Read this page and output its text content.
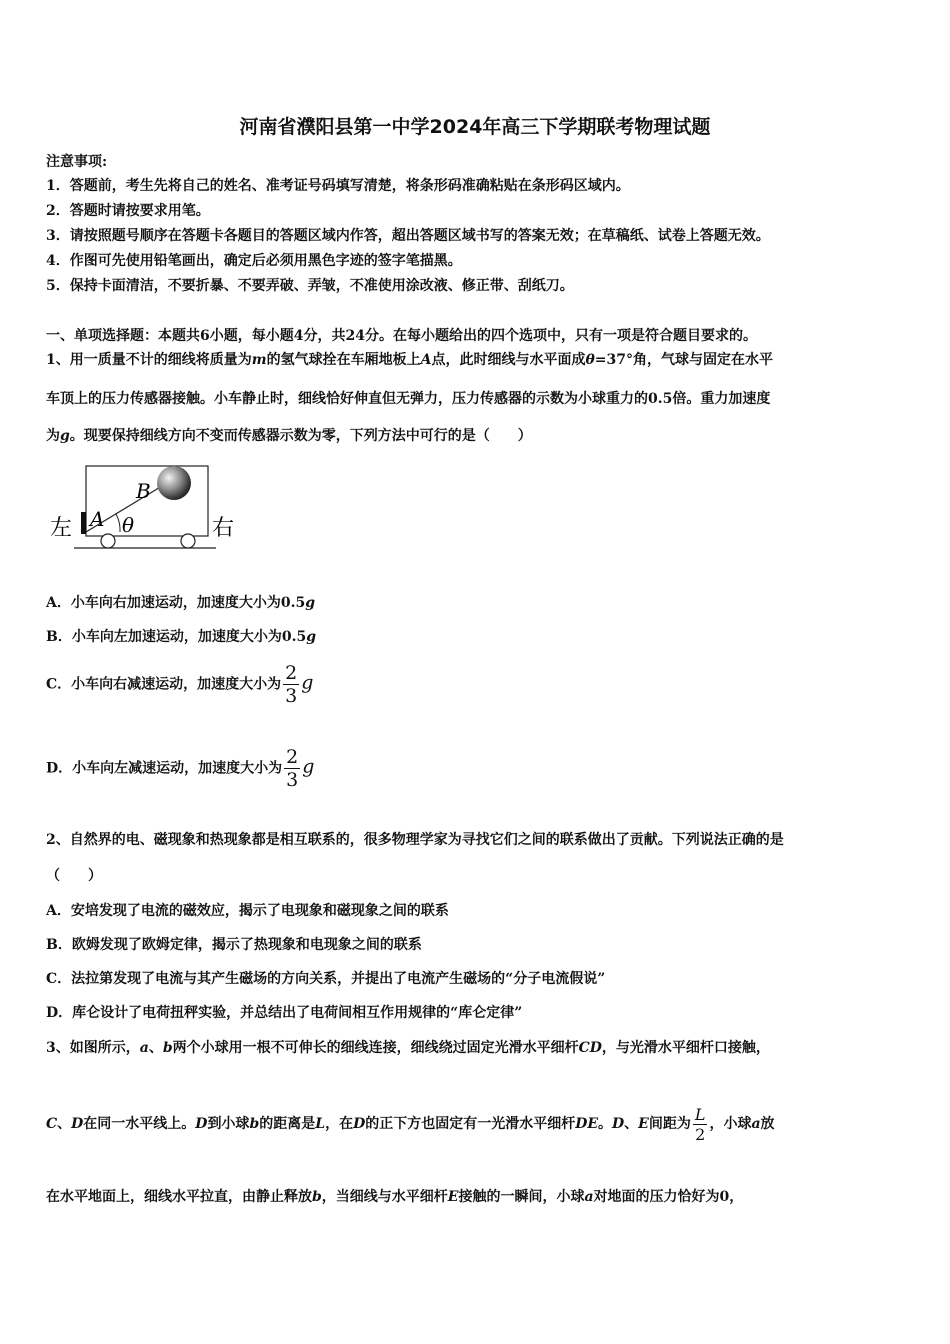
河南省濮阳县第一中学2024年高三下学期联考物理试题
注意事项:
1．答题前，考生先将自己的姓名、准考证号码填写清楚，将条形码准确粘贴在条形码区域内。
2．答题时请按要求用笔。
3．请按照题号顺序在答题卡各题目的答题区域内作答，超出答题区域书写的答案无效；在草稿纸、试卷上答题无效。
4．作图可先使用铅笔画出，确定后必须用黑色字迹的签字笔描黑。
5．保持卡面清洁，不要折暴、不要弄破、弄皱，不准使用涂改液、修正带、刮纸刀。
一、单项选择题：本题共6小题，每小题4分，共24分。在每小题给出的四个选项中，只有一项是符合题目要求的。
1、用一质量不计的细线将质量为m的氢气球拴在车厢地板上A点，此时细线与水平面成θ=37°角，气球与固定在水平
车顶上的压力传感器接触。小车静止时，细线恰好伸直但无弹力，压力传感器的示数为小球重力的0.5倍。重力加速度
为g。现要保持细线方向不变而传感器示数为零，下列方法中可行的是（　　）
左	右
B
A θ
A．小车向右加速运动，加速度大小为0.5g
B．小车向左加速运动，加速度大小为0.5g
C．小车向右减速运动，加速度大小为 $\frac{2}{3}$ g
D．小车向左减速运动，加速度大小为 $\frac{2}{3}$ g
2、自然界的电、磁现象和热现象都是相互联系的，很多物理学家为寻找它们之间的联系做出了贡献。下列说法正确的是
（　　）
A．安培发现了电流的磁效应，揭示了电现象和磁现象之间的联系
B．欧姆发现了欧姆定律，揭示了热现象和电现象之间的联系
C．法拉第发现了电流与其产生磁场的方向关系，并提出了电流产生磁场的“分子电流假说”
D．库仑设计了电荷扭秤实验，并总结出了电荷间相互作用规律的“库仑定律”
3、如图所示，a、b两个小球用一根不可伸长的细线连接，细线绕过固定光滑水平细杆CD，与光滑水平细杆口接触，
C、D在同一水平线上。D到小球b的距离是L，在D的正下方也固定有一光滑水平细杆DE。D、E间距为 $\frac{L}{2}$ ，小球a放
在水平地面上，细线水平拉直，由静止释放b，当细线与水平细杆E接触的一瞬间，小球a对地面的压力恰好为0，
